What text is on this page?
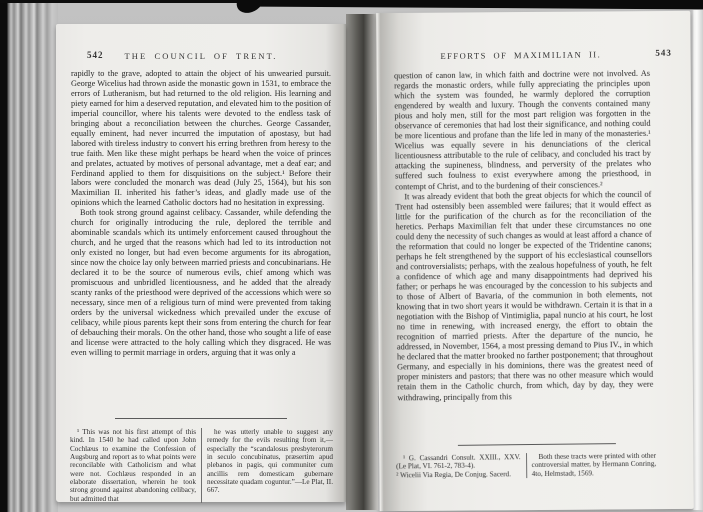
542	THE COUNCIL OF TRENT.

rapidly to the grave, adopted to attain the object of his unwearied pursuit. George Wicelius had thrown aside the monastic gown in 1531, to embrace the errors of Lutheranism, but had returned to the old religion. His learning and piety earned for him a deserved reputation, and elevated him to the position of imperial councillor, where his talents were devoted to the endless task of bringing about a reconciliation between the churches. George Cassander, equally eminent, had never incurred the imputation of apostasy, but had labored with tireless industry to convert his erring brethren from heresy to the true faith. Men like these might perhaps be heard when the voice of princes and prelates, actuated by motives of personal advantage, met a deaf ear; and Ferdinand applied to them for disquisitions on the subject.¹ Before their labors were concluded the monarch was dead (July 25, 1564), but his son Maximilian II. inherited his father’s ideas, and gladly made use of the opinions which the learned Catholic doctors had no hesitation in expressing.

Both took strong ground against celibacy. Cassander, while defending the church for originally introducing the rule, deplored the terrible and abominable scandals which its untimely enforcement caused throughout the church, and he urged that the reasons which had led to its introduction not only existed no longer, but had even become arguments for its abrogation, since now the choice lay only between married priests and concubinarians. He declared it to be the source of numerous evils, chief among which was promiscuous and unbridled licentiousness, and he added that the already scanty ranks of the priesthood were deprived of the accessions which were so necessary, since men of a religious turn of mind were prevented from taking orders by the universal wickedness which prevailed under the excuse of celibacy, while pious parents kept their sons from entering the church for fear of debauching their morals. On the other hand, those who sought a life of ease and license were attracted to the holy calling which they disgraced. He was even willing to permit marriage in orders, arguing that it was only a

¹ This was not his first attempt of this kind. In 1540 he had called upon John Cochlæus to examine the Confession of Augsburg and report as to what points were reconcilable with Catholicism and what were not. Cochlæus responded in an elaborate dissertation, wherein he took strong ground against abandoning celibacy, but admitted that
he was utterly unable to suggest any remedy for the evils resulting from it,—especially the “scandalosus presbyterorum in seculo concubinatus, præsertim apud plebanos in pagis, qui communiter cum ancillis rem domesticam gubernare necessitate quadam coguntur.”—Le Plat, II. 667.
EFFORTS OF MAXIMILIAN II.	543

question of canon law, in which faith and doctrine were not involved. As regards the monastic orders, while fully appreciating the principles upon which the system was founded, he warmly deplored the corruption engendered by wealth and luxury. Though the convents contained many pious and holy men, still for the most part religion was forgotten in the observance of ceremonies that had lost their significance, and nothing could be more licentious and profane than the life led in many of the monasteries.¹ Wicelius was equally severe in his denunciations of the clerical licentiousness attributable to the rule of celibacy, and concluded his tract by attacking the supineness, blindness, and perversity of the prelates who suffered such foulness to exist everywhere among the priesthood, in contempt of Christ, and to the burdening of their consciences.²

It was already evident that both the great objects for which the council of Trent had ostensibly been assembled were failures; that it would effect as little for the purification of the church as for the reconciliation of the heretics. Perhaps Maximilian felt that under these circumstances no one could deny the necessity of such changes as would at least afford a chance of the reformation that could no longer be expected of the Tridentine canons; perhaps he felt strengthened by the support of his ecclesiastical counsellors and controversialists; perhaps, with the zealous hopefulness of youth, he felt a confidence of which age and many disappointments had deprived his father; or perhaps he was encouraged by the concession to his subjects and to those of Albert of Bavaria, of the communion in both elements, not knowing that in two short years it would be withdrawn. Certain it is that in a negotiation with the Bishop of Vintimiglia, papal nuncio at his court, he lost no time in renewing, with increased energy, the effort to obtain the recognition of married priests. After the departure of the nuncio, he addressed, in November, 1564, a most pressing demand to Pius IV., in which he declared that the matter brooked no farther postponement; that throughout Germany, and especially in his dominions, there was the greatest need of proper ministers and pastors; that there was no other measure which would retain them in the Catholic church, from which, day by day, they were withdrawing, principally from this

¹ G. Cassandri Consult. XXIII., XXV. (Le Plat, VI. 761-2, 783-4).
² Wicelii Via Regia, De Conjug. Sacerd.
Both these tracts were printed with other controversial matter, by Hermann Conring, 4to, Helmstadt, 1569.
